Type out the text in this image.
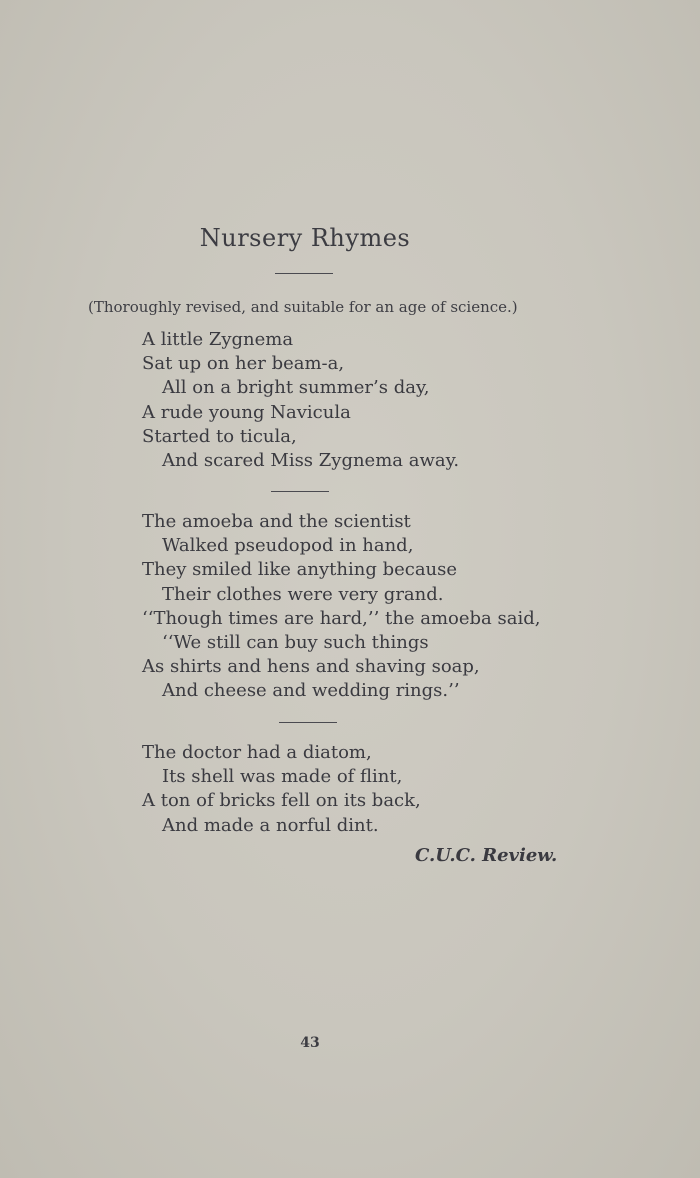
Nursery Rhymes
(Thoroughly revised, and suitable for an age of science.)
A little Zygnema
Sat up on her beam-a,
All on a bright summer’s day,
A rude young Navicula
Started to ticula,
And scared Miss Zygnema away.
The amoeba and the scientist
Walked pseudopod in hand,
They smiled like anything because
Their clothes were very grand.
‘‘Though times are hard,’’ the amoeba said,
‘‘We still can buy such things
As shirts and hens and shaving soap,
And cheese and wedding rings.’’
The doctor had a diatom,
Its shell was made of flint,
A ton of bricks fell on its back,
And made a norful dint.
C.U.C. Review.
43
